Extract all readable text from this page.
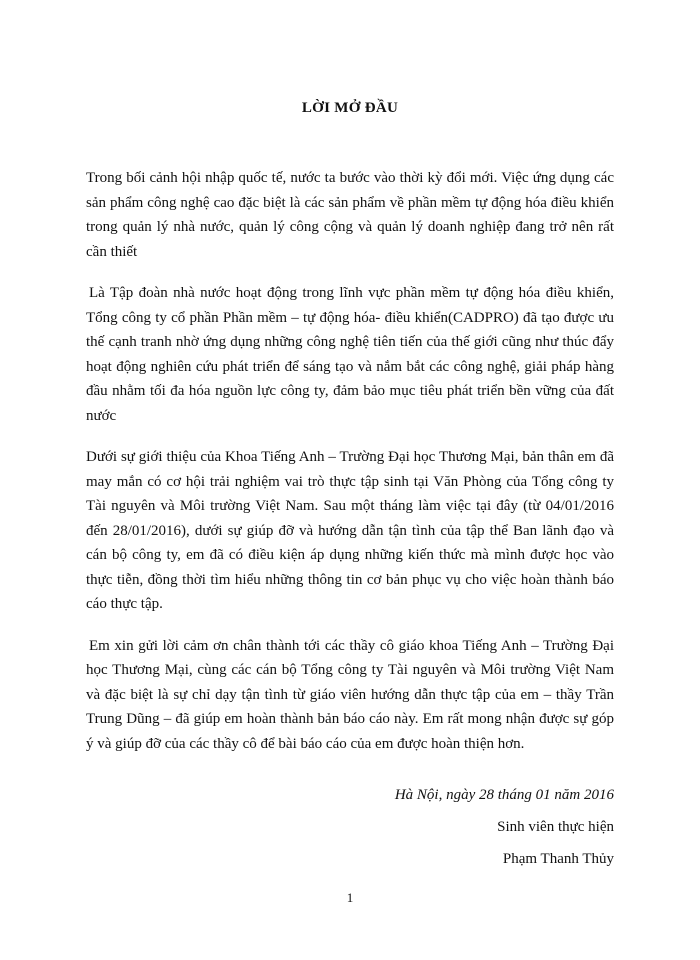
LỜI MỞ ĐẦU

Trong bối cảnh hội nhập quốc tế, nước ta bước vào thời kỳ đổi mới. Việc ứng dụng các sản phẩm công nghệ cao đặc biệt là các sản phẩm về phần mềm tự động hóa điều khiển trong quản lý nhà nước, quản lý công cộng và quản lý doanh nghiệp đang trở nên rất cần thiết

Là Tập đoàn nhà nước hoạt động trong lĩnh vực phần mềm tự động hóa điều khiển, Tổng công ty cổ phần Phần mềm – tự động hóa- điều khiển(CADPRO) đã tạo được ưu thế cạnh tranh nhờ ứng dụng những công nghệ tiên tiến của thế giới cũng như thúc đẩy hoạt động nghiên cứu phát triển để sáng tạo và nắm bắt các công nghệ, giải pháp hàng đầu nhằm tối đa hóa nguồn lực công ty, đảm bảo mục tiêu phát triển bền vững của đất nước

Dưới sự giới thiệu của Khoa Tiếng Anh – Trường Đại học Thương Mại, bản thân em đã may mắn có cơ hội trải nghiệm vai trò thực tập sinh tại Văn Phòng của Tổng công ty Tài nguyên và Môi trường Việt Nam. Sau một tháng làm việc tại đây (từ 04/01/2016 đến 28/01/2016), dưới sự giúp đỡ và hướng dẫn tận tình của tập thể Ban lãnh đạo và cán bộ công ty, em đã có điều kiện áp dụng những kiến thức mà mình được học vào thực tiễn, đồng thời tìm hiểu những thông tin cơ bản phục vụ cho việc hoàn thành báo cáo thực tập.

Em xin gửi lời cảm ơn chân thành tới các thầy cô giáo khoa Tiếng Anh – Trường Đại học Thương Mại, cùng các cán bộ Tổng công ty Tài nguyên và Môi trường Việt Nam và đặc biệt là sự chỉ dạy tận tình từ giáo viên hướng dẫn thực tập của em – thầy Trần Trung Dũng – đã giúp em hoàn thành bản báo cáo này. Em rất mong nhận được sự góp ý và giúp đỡ của các thầy cô để bài báo cáo của em được hoàn thiện hơn.

Hà Nội, ngày 28 tháng 01 năm 2016
Sinh viên thực hiện
Phạm Thanh Thủy
1
